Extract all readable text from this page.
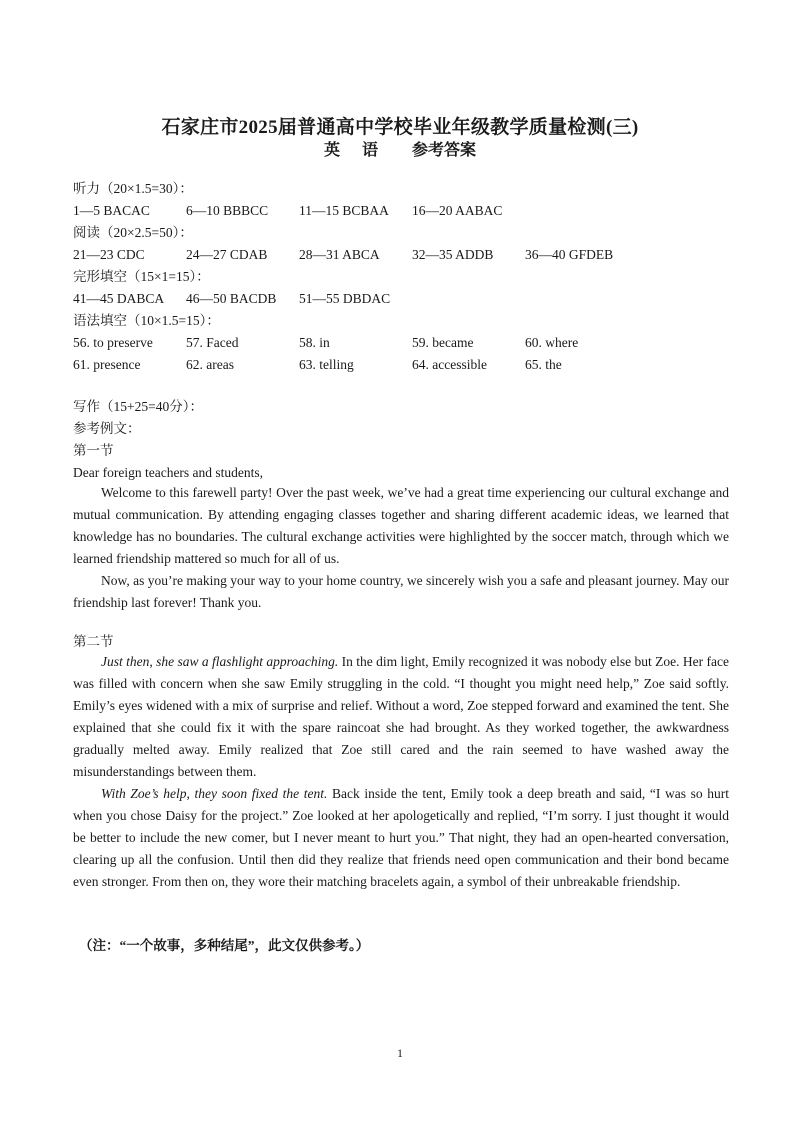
石家庄市2025届普通高中学校毕业年级教学质量检测(三)
英 语 参考答案
听力（20×1.5=30）：
1—5 BACAC	6—10 BBBCC 11—15 BCBAA 16—20 AABAC
阅读（20×2.5=50）：
21—23 CDC	24—27 CDAB 28—31 ABCA 32—35 ADDB 36—40 GFDEB
完形填空（15×1=15）：
41—45 DABCA 46—50 BACDB 51—55 DBDAC
语法填空（10×1.5=15）：
56. to preserve 57. Faced	58. in	59. became	60. where
61. presence	62. areas	63. telling	64. accessible	65. the
写作（15+25=40分）：
参考例文：
第一节
Dear foreign teachers and students,

Welcome to this farewell party! Over the past week, we’ve had a great time experiencing our cultural exchange and mutual communication. By attending engaging classes together and sharing different academic ideas, we learned that knowledge has no boundaries. The cultural exchange activities were highlighted by the soccer match, through which we learned friendship mattered so much for all of us.

Now, as you’re making your way to your home country, we sincerely wish you a safe and pleasant journey. May our friendship last forever! Thank you.

第二节

Just then, she saw a flashlight approaching. In the dim light, Emily recognized it was nobody else but Zoe. Her face was filled with concern when she saw Emily struggling in the cold. “I thought you might need help,” Zoe said softly. Emily’s eyes widened with a mix of surprise and relief. Without a word, Zoe stepped forward and examined the tent. She explained that she could fix it with the spare raincoat she had brought. As they worked together, the awkwardness gradually melted away. Emily realized that Zoe still cared and the rain seemed to have washed away the misunderstandings between them.

With Zoe’s help, they soon fixed the tent. Back inside the tent, Emily took a deep breath and said, “I was so hurt when you chose Daisy for the project.” Zoe looked at her apologetically and replied, “I’m sorry. I just thought it would be better to include the new comer, but I never meant to hurt you.” That night, they had an open-hearted conversation, clearing up all the confusion. Until then did they realize that friends need open communication and their bond became even stronger. From then on, they wore their matching bracelets again, a symbol of their unbreakable friendship.

（注：“一个故事，多种结尾”，此文仅供参考。）
1
